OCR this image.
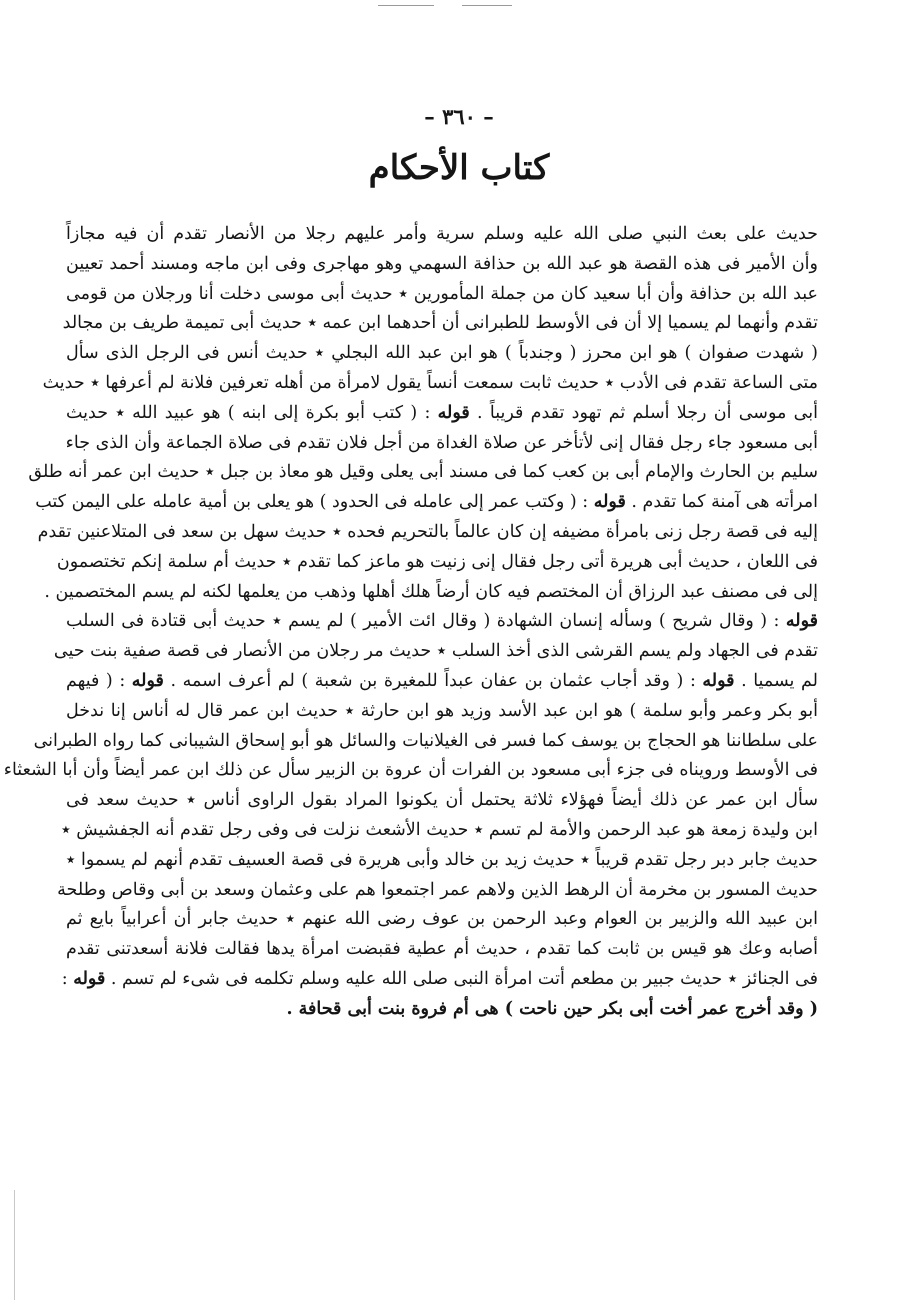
– ٣٦٠ –
كتاب الأحكام
حديث على بعث النبي صلى الله عليه وسلم سرية وأمر عليهم رجلا من الأنصار تقدم أن فيه مجازاً
وأن الأمير فى هذه القصة هو عبد الله بن حذافة السهمي وهو مهاجرى وفى ابن ماجه ومسند أحمد تعيين
عبد الله بن حذافة وأن أبا سعيد كان من جملة المأمورين ٭ حديث أبى موسى دخلت أنا ورجلان من قومى
تقدم وأنهما لم يسميا إلا أن فى الأوسط للطبرانى أن أحدهما ابن عمه ٭ حديث أبى تميمة طريف بن مجالد
( شهدت صفوان ) هو ابن محرز ( وجندباً ) هو ابن عبد الله البجلي ٭ حديث أنس فى الرجل الذى سأل
متى الساعة تقدم فى الأدب ٭ حديث ثابت سمعت أنساً يقول لامرأة من أهله تعرفين فلانة لم أعرفها ٭ حديث
أبى موسى أن رجلا أسلم ثم تهود تقدم قريباً . قوله : ( كتب أبو بكرة إلى ابنه ) هو عبيد الله ٭ حديث
أبى مسعود جاء رجل فقال إنى لأتأخر عن صلاة الغداة من أجل فلان تقدم فى صلاة الجماعة وأن الذى جاء
سليم بن الحارث والإمام أبى بن كعب كما فى مسند أبى يعلى وقيل هو معاذ بن جبل ٭ حديث ابن عمر أنه طلق
امرأته هى آمنة كما تقدم . قوله : ( وكتب عمر إلى عامله فى الحدود ) هو يعلى بن أمية عامله على اليمن كتب
إليه فى قصة رجل زنى بامرأة مضيفه إن كان عالماً بالتحريم فحده ٭ حديث سهل بن سعد فى المتلاعنين تقدم
فى اللعان ، حديث أبى هريرة أتى رجل فقال إنى زنيت هو ماعز كما تقدم ٭ حديث أم سلمة إنكم تختصمون
إلى فى مصنف عبد الرزاق أن المختصم فيه كان أرضاً هلك أهلها وذهب من يعلمها لكنه لم يسم المختصمين .
قوله : ( وقال شريح ) وسأله إنسان الشهادة ( وقال ائت الأمير ) لم يسم ٭ حديث أبى قتادة فى السلب
تقدم فى الجهاد ولم يسم القرشى الذى أخذ السلب ٭ حديث مر رجلان من الأنصار فى قصة صفية بنت حيى
لم يسميا . قوله : ( وقد أجاب عثمان بن عفان عبداً للمغيرة بن شعبة ) لم أعرف اسمه . قوله : ( فيهم
أبو بكر وعمر وأبو سلمة ) هو ابن عبد الأسد وزيد هو ابن حارثة ٭ حديث ابن عمر قال له أناس إنا ندخل
على سلطاننا هو الحجاج بن يوسف كما فسر فى الغيلانيات والسائل هو أبو إسحاق الشيبانى كما رواه الطبرانى
فى الأوسط ورويناه فى جزء أبى مسعود بن الفرات أن عروة بن الزبير سأل عن ذلك ابن عمر أيضاً وأن أبا الشعثاء
سأل ابن عمر عن ذلك أيضاً فهؤلاء ثلاثة يحتمل أن يكونوا المراد بقول الراوى أناس ٭ حديث سعد فى
ابن وليدة زمعة هو عبد الرحمن والأمة لم تسم ٭ حديث الأشعث نزلت فى وفى رجل تقدم أنه الجفشيش ٭
حديث جابر دبر رجل تقدم قريباً ٭ حديث زيد بن خالد وأبى هريرة فى قصة العسيف تقدم أنهم لم يسموا ٭
حديث المسور بن مخرمة أن الرهط الذين ولاهم عمر اجتمعوا هم على وعثمان وسعد بن أبى وقاص وطلحة
ابن عبيد الله والزبير بن العوام وعبد الرحمن بن عوف رضى الله عنهم ٭ حديث جابر أن أعرابياً بايع ثم
أصابه وعك هو قيس بن ثابت كما تقدم ، حديث أم عطية فقبضت امرأة يدها فقالت فلانة أسعدتنى تقدم
فى الجنائز ٭ حديث جبير بن مطعم أتت امرأة النبى صلى الله عليه وسلم تكلمه فى شىء لم تسم . قوله :
( وقد أخرج عمر أخت أبى بكر حين ناحت ) هى أم فروة بنت أبى قحافة .
